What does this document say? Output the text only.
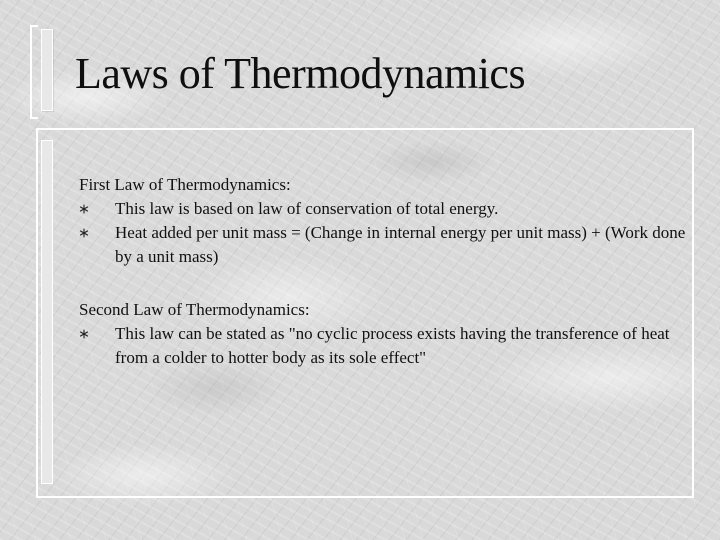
Laws of Thermodynamics

First Law of Thermodynamics:

This law is based on law of conservation of total energy.
Heat added per unit mass = (Change in internal energy per unit mass) + (Work done by a unit mass)

Second Law of Thermodynamics:

This law can be stated as "no cyclic process exists having the transference of heat from a colder to hotter body as its sole effect"
